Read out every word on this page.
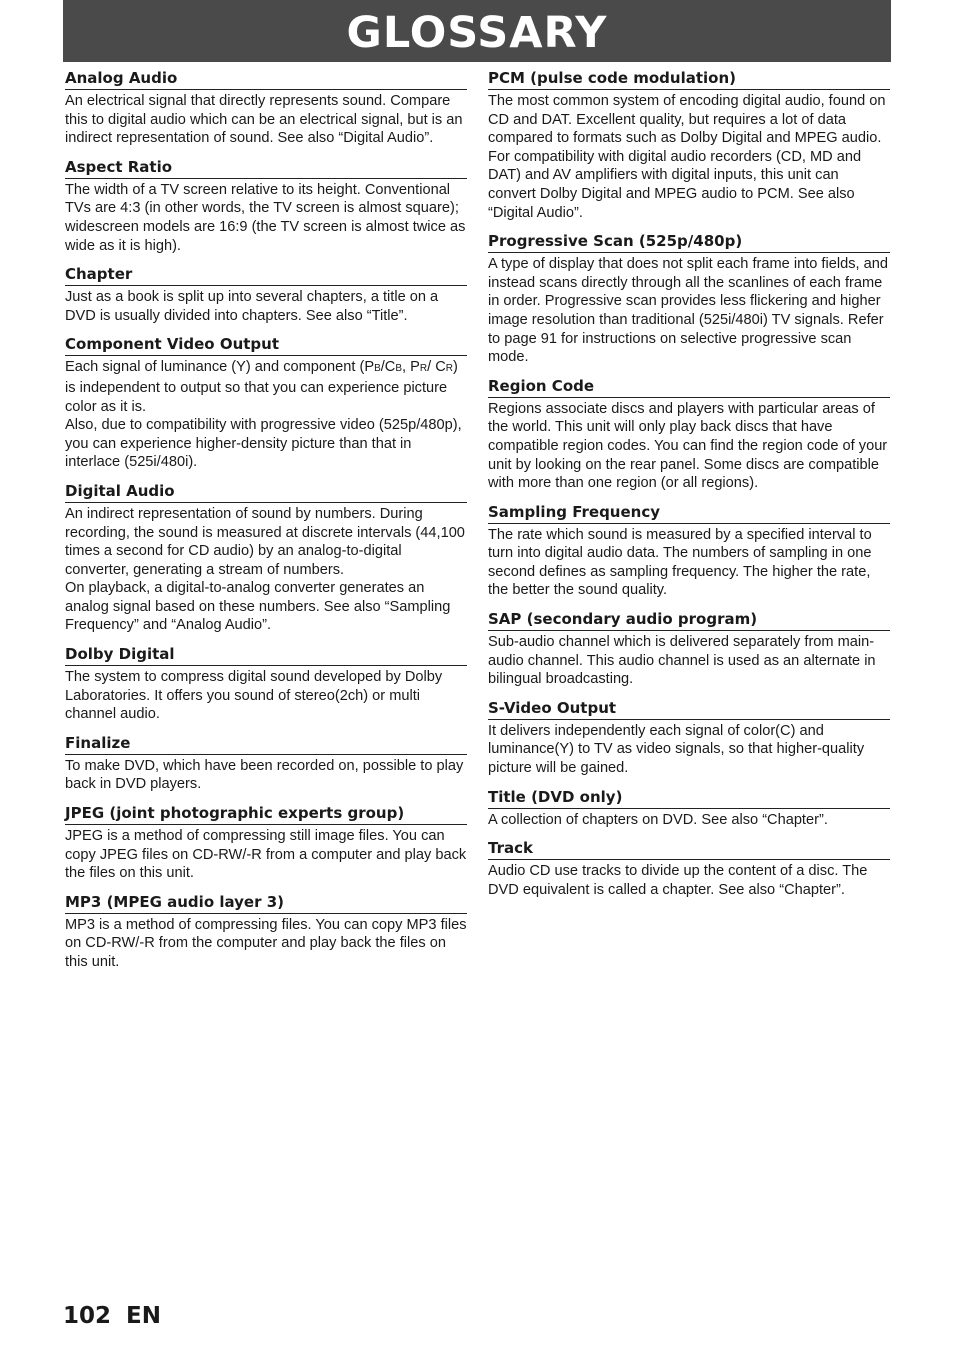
GLOSSARY
Analog Audio

An electrical signal that directly represents sound. Compare this to digital audio which can be an electrical signal, but is an indirect representation of sound. See also “Digital Audio”.

Aspect Ratio

The width of a TV screen relative to its height. Conventional TVs are 4:3 (in other words, the TV screen is almost square); widescreen models are 16:9 (the TV screen is almost twice as wide as it is high).

Chapter

Just as a book is split up into several chapters, a title on a DVD is usually divided into chapters. See also “Title”.

Component Video Output

Each signal of luminance (Y) and component (PB/CB, PR/ CR) is independent to output so that you can experience picture color as it is.

Also, due to compatibility with progressive video (525p/480p), you can experience higher-density picture than that in interlace (525i/480i).

Digital Audio

An indirect representation of sound by numbers. During recording, the sound is measured at discrete intervals (44,100 times a second for CD audio) by an analog-to-digital converter, generating a stream of numbers.

On playback, a digital-to-analog converter generates an analog signal based on these numbers. See also “Sampling Frequency” and “Analog Audio”.

Dolby Digital

The system to compress digital sound developed by Dolby Laboratories. It offers you sound of stereo(2ch) or multi channel audio.

Finalize

To make DVD, which have been recorded on, possible to play back in DVD players.

JPEG (joint photographic experts group)

JPEG is a method of compressing still image files. You can copy JPEG files on CD-RW/-R from a computer and play back the files on this unit.

MP3 (MPEG audio layer 3)

MP3 is a method of compressing files. You can copy MP3 files on CD-RW/-R from the computer and play back the files on this unit.

PCM (pulse code modulation)

The most common system of encoding digital audio, found on CD and DAT. Excellent quality, but requires a lot of data compared to formats such as Dolby Digital and MPEG audio. For compatibility with digital audio recorders (CD, MD and DAT) and AV amplifiers with digital inputs, this unit can convert Dolby Digital and MPEG audio to PCM. See also “Digital Audio”.

Progressive Scan (525p/480p)

A type of display that does not split each frame into fields, and instead scans directly through all the scanlines of each frame in order. Progressive scan provides less flickering and higher image resolution than traditional (525i/480i) TV signals. Refer to page 91 for instructions on selective progressive scan mode.

Region Code

Regions associate discs and players with particular areas of the world. This unit will only play back discs that have compatible region codes. You can find the region code of your unit by looking on the rear panel. Some discs are compatible with more than one region (or all regions).

Sampling Frequency

The rate which sound is measured by a specified interval to turn into digital audio data. The numbers of sampling in one second defines as sampling frequency. The higher the rate, the better the sound quality.

SAP (secondary audio program)

Sub-audio channel which is delivered separately from main-audio channel. This audio channel is used as an alternate in bilingual broadcasting.

S-Video Output

It delivers independently each signal of color(C) and luminance(Y) to TV as video signals, so that higher-quality picture will be gained.

Title (DVD only)

A collection of chapters on DVD. See also “Chapter”.

Track

Audio CD use tracks to divide up the content of a disc. The DVD equivalent is called a chapter. See also “Chapter”.

102 EN
